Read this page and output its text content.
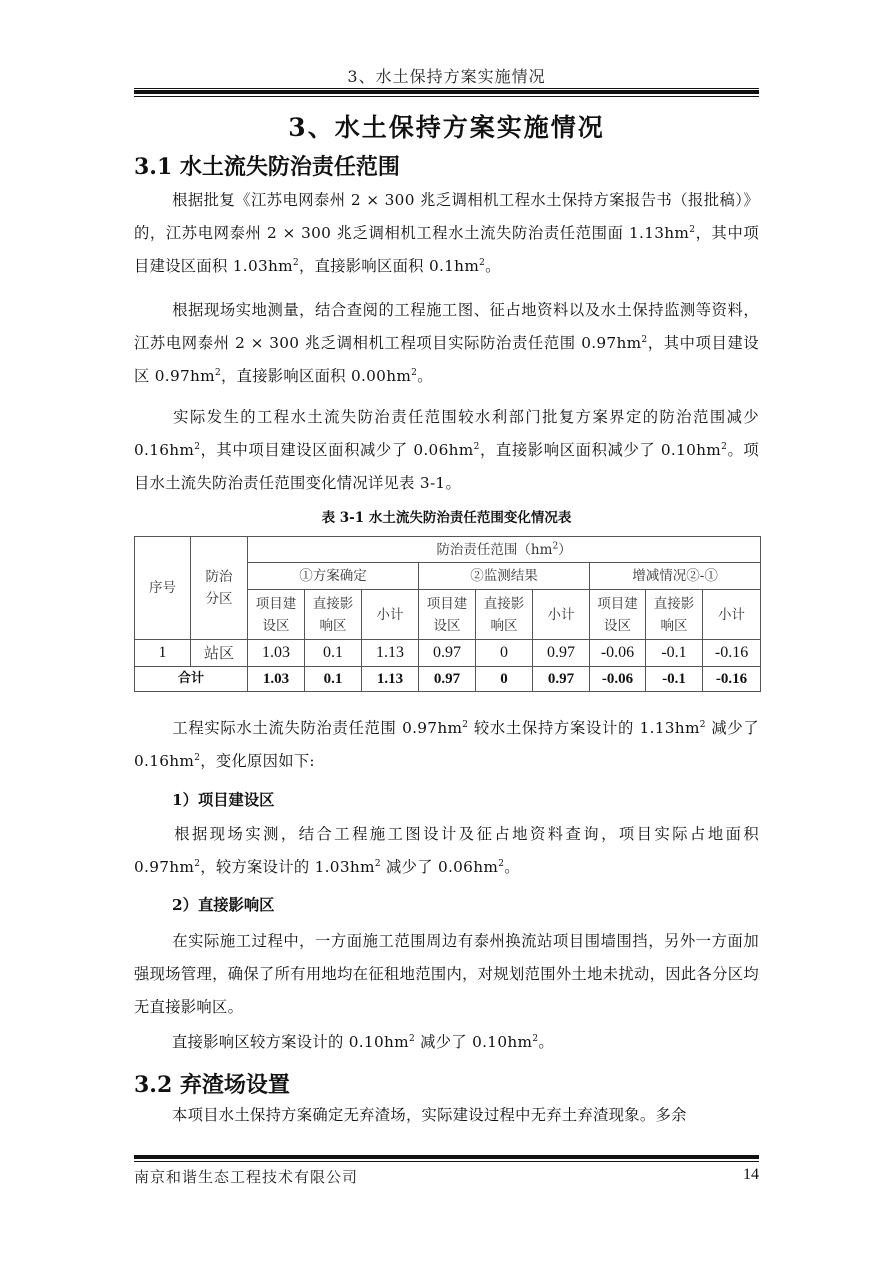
3、水土保持方案实施情况
3、水土保持方案实施情况
3.1 水土流失防治责任范围
根据批复《江苏电网泰州 2 × 300 兆乏调相机工程水土保持方案报告书（报批稿）》的，江苏电网泰州 2 × 300 兆乏调相机工程水土流失防治责任范围面 $1.13hm^2$，其中项目建设区面积 $1.03hm^2$，直接影响区面积 $0.1hm^2$。
根据现场实地测量，结合查阅的工程施工图、征占地资料以及水土保持监测等资料，江苏电网泰州 2 × 300 兆乏调相机工程项目实际防治责任范围 $0.97hm^2$，其中项目建设区 $0.97hm^2$，直接影响区面积 $0.00hm^2$。
实际发生的工程水土流失防治责任范围较水利部门批复方案界定的防治范围减少 $0.16hm^2$，其中项目建设区面积减少了 $0.06hm^2$，直接影响区面积减少了 $0.10hm^2$。项目水土流失防治责任范围变化情况详见表 3-1。
表 3-1 水土流失防治责任范围变化情况表
序号	防治分区	防治责任范围$(hm^2)$								
		①方案确定			②监测结果			增减情况②-①		
		项目建设区	直接影响区	小计	项目建设区	直接影响区	小计	项目建设区	直接影响区	小计
1	站区	1.03	0.1	1.13	0.97	0	0.97	-0.06	-0.1	-0.16
合计		1.03	0.1	1.13	0.97	0	0.97	-0.06	-0.1	-0.16
工程实际水土流失防治责任范围 $0.97hm^2$ 较水土保持方案设计的 $1.13hm^2$ 减少了 $0.16hm^2$，变化原因如下:
1）项目建设区
根据现场实测，结合工程施工图设计及征占地资料查询，项目实际占地面积 $0.97hm^2$，较方案设计的 $1.03hm^2$ 减少了 $0.06hm^2$。
2）直接影响区
在实际施工过程中，一方面施工范围周边有泰州换流站项目围墙围挡，另外一方面加强现场管理，确保了所有用地均在征租地范围内，对规划范围外土地未扰动，因此各分区均无直接影响区。
直接影响区较方案设计的 $0.10hm^2$ 减少了 $0.10hm^2$。
3.2 弃渣场设置
本项目水土保持方案确定无弃渣场，实际建设过程中无弃土弃渣现象。多余
南京和谐生态工程技术有限公司	14
